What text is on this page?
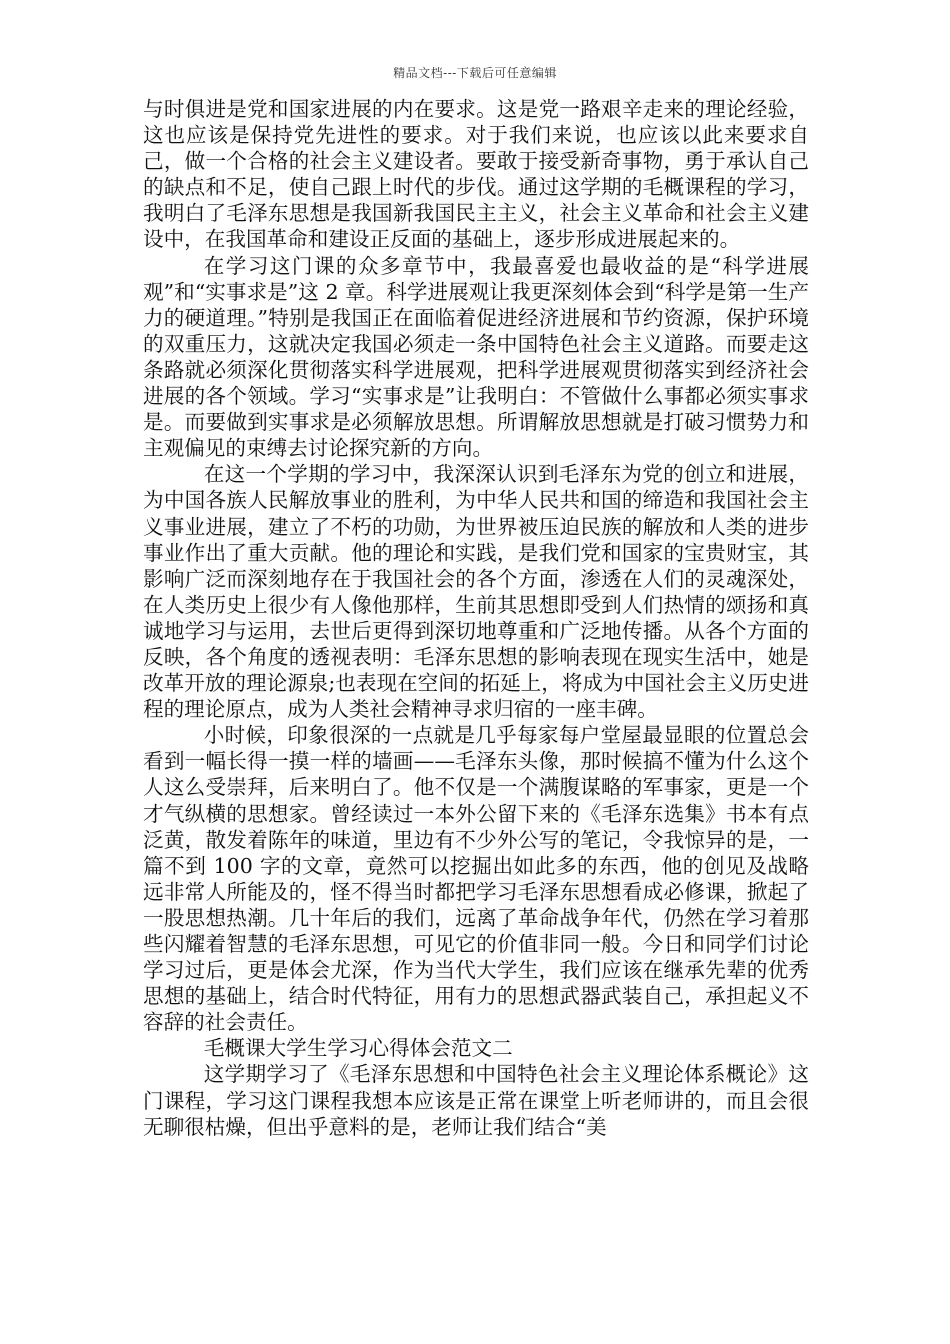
精品文档---下载后可任意编辑

与时俱进是党和国家进展的内在要求。这是党一路艰辛走来的理论经验，这也应该是保持党先进性的要求。对于我们来说，也应该以此来要求自己，做一个合格的社会主义建设者。要敢于接受新奇事物，勇于承认自己的缺点和不足，使自己跟上时代的步伐。通过这学期的毛概课程的学习，我明白了毛泽东思想是我国新我国民主主义，社会主义革命和社会主义建设中，在我国革命和建设正反面的基础上，逐步形成进展起来的。

在学习这门课的众多章节中，我最喜爱也最收益的是“科学进展观”和“实事求是”这 2 章。科学进展观让我更深刻体会到“科学是第一生产力的硬道理。”特别是我国正在面临着促进经济进展和节约资源，保护环境的双重压力，这就决定我国必须走一条中国特色社会主义道路。而要走这条路就必须深化贯彻落实科学进展观，把科学进展观贯彻落实到经济社会进展的各个领域。学习“实事求是”让我明白：不管做什么事都必须实事求是。而要做到实事求是必须解放思想。所谓解放思想就是打破习惯势力和主观偏见的束缚去讨论探究新的方向。

在这一个学期的学习中，我深深认识到毛泽东为党的创立和进展，为中国各族人民解放事业的胜利，为中华人民共和国的缔造和我国社会主义事业进展，建立了不朽的功勋，为世界被压迫民族的解放和人类的进步事业作出了重大贡献。他的理论和实践，是我们党和国家的宝贵财宝，其影响广泛而深刻地存在于我国社会的各个方面，渗透在人们的灵魂深处，在人类历史上很少有人像他那样，生前其思想即受到人们热情的颂扬和真诚地学习与运用，去世后更得到深切地尊重和广泛地传播。从各个方面的反映，各个角度的透视表明：毛泽东思想的影响表现在现实生活中，她是改革开放的理论源泉;也表现在空间的拓延上，将成为中国社会主义历史进程的理论原点，成为人类社会精神寻求归宿的一座丰碑。

小时候，印象很深的一点就是几乎每家每户堂屋最显眼的位置总会看到一幅长得一摸一样的墙画——毛泽东头像，那时候搞不懂为什么这个人这么受崇拜，后来明白了。他不仅是一个满腹谋略的军事家，更是一个才气纵横的思想家。曾经读过一本外公留下来的《毛泽东选集》书本有点泛黄，散发着陈年的味道，里边有不少外公写的笔记，令我惊异的是，一篇不到 100 字的文章，竟然可以挖掘出如此多的东西，他的创见及战略远非常人所能及的，怪不得当时都把学习毛泽东思想看成必修课，掀起了一股思想热潮。几十年后的我们，远离了革命战争年代，仍然在学习着那些闪耀着智慧的毛泽东思想，可见它的价值非同一般。今日和同学们讨论学习过后，更是体会尤深，作为当代大学生，我们应该在继承先辈的优秀思想的基础上，结合时代特征，用有力的思想武器武装自己，承担起义不容辞的社会责任。

毛概课大学生学习心得体会范文二

这学期学习了《毛泽东思想和中国特色社会主义理论体系概论》这门课程，学习这门课程我想本应该是正常在课堂上听老师讲的，而且会很无聊很枯燥，但出乎意料的是，老师让我们结合“美
